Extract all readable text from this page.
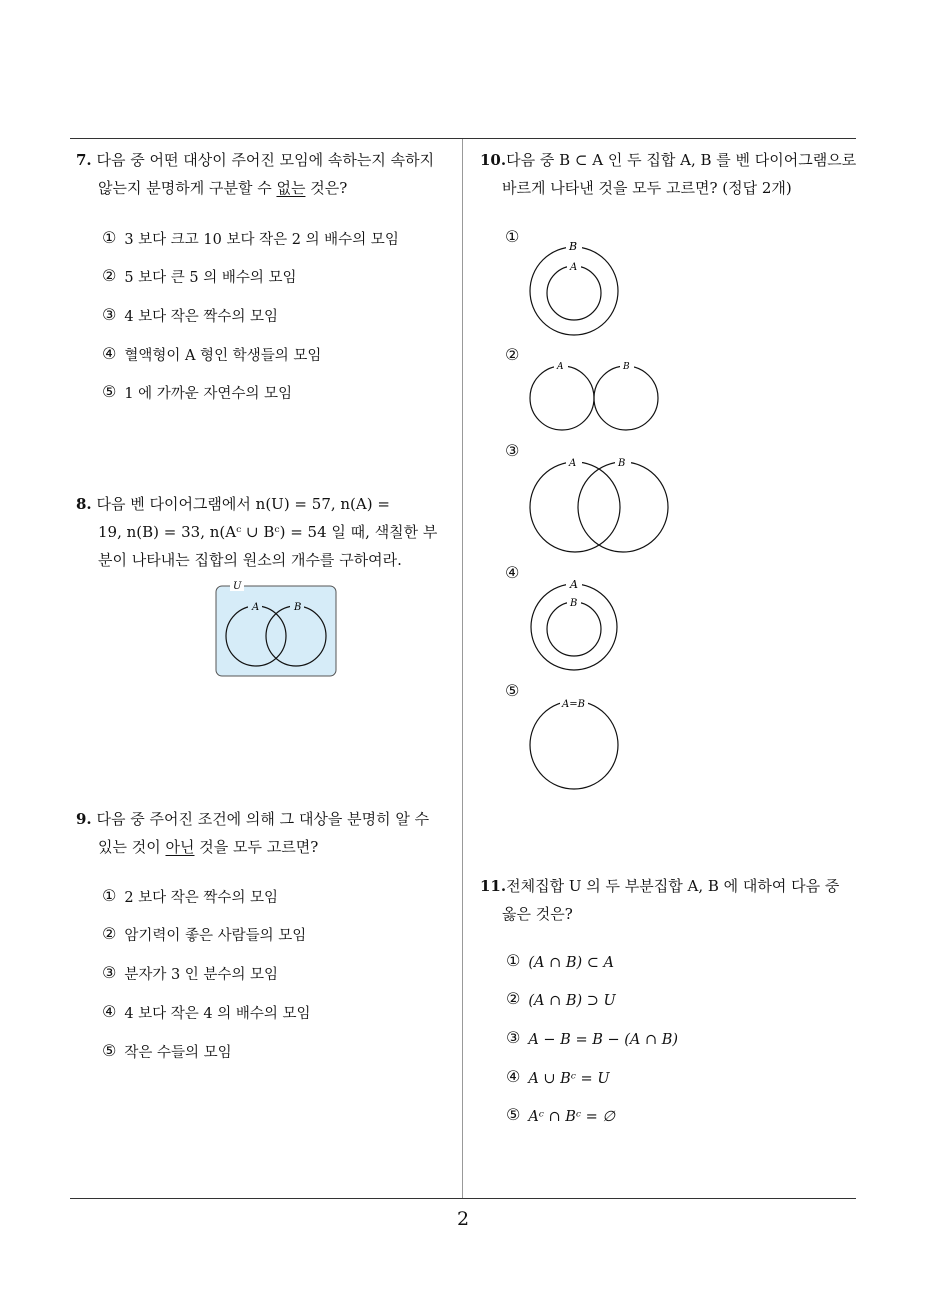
7. 다음 중 어떤 대상이 주어진 모임에 속하는지 속하지
않는지 분명하게 구분할 수 없는 것은?
① 3 보다 크고 10 보다 작은 2 의 배수의 모임
② 5 보다 큰 5 의 배수의 모임
③ 4 보다 작은 짝수의 모임
④ 혈액형이 A 형인 학생들의 모임
⑤ 1 에 가까운 자연수의 모임
8. 다음 벤 다이어그램에서 n(U) = 57, n(A) =
19, n(B) = 33, n(Aᶜ ∪ Bᶜ) = 54 일 때, 색칠한 부
분이 나타내는 집합의 원소의 개수를 구하여라.
U
A	B
9. 다음 중 주어진 조건에 의해 그 대상을 분명히 알 수
있는 것이 아닌 것을 모두 고르면?
① 2 보다 작은 짝수의 모임
② 암기력이 좋은 사람들의 모임
③ 분자가 3 인 분수의 모임
④ 4 보다 작은 4 의 배수의 모임
⑤ 작은 수들의 모임
10.다음 중 B ⊂ A 인 두 집합 A, B 를 벤 다이어그램으로
바르게 나타낸 것을 모두 고르면? (정답 2개)
①
B
A
②
A	B
③
A	B
④
A
B
⑤
A=B
11.전체집합 U 의 두 부분집합 A, B 에 대하여 다음 중
옳은 것은?
① (A ∩ B) ⊂ A
② (A ∩ B) ⊃ U
③ A − B = B − (A ∩ B)
④ A ∪ Bᶜ = U
⑤ Aᶜ ∩ Bᶜ = ∅
2
